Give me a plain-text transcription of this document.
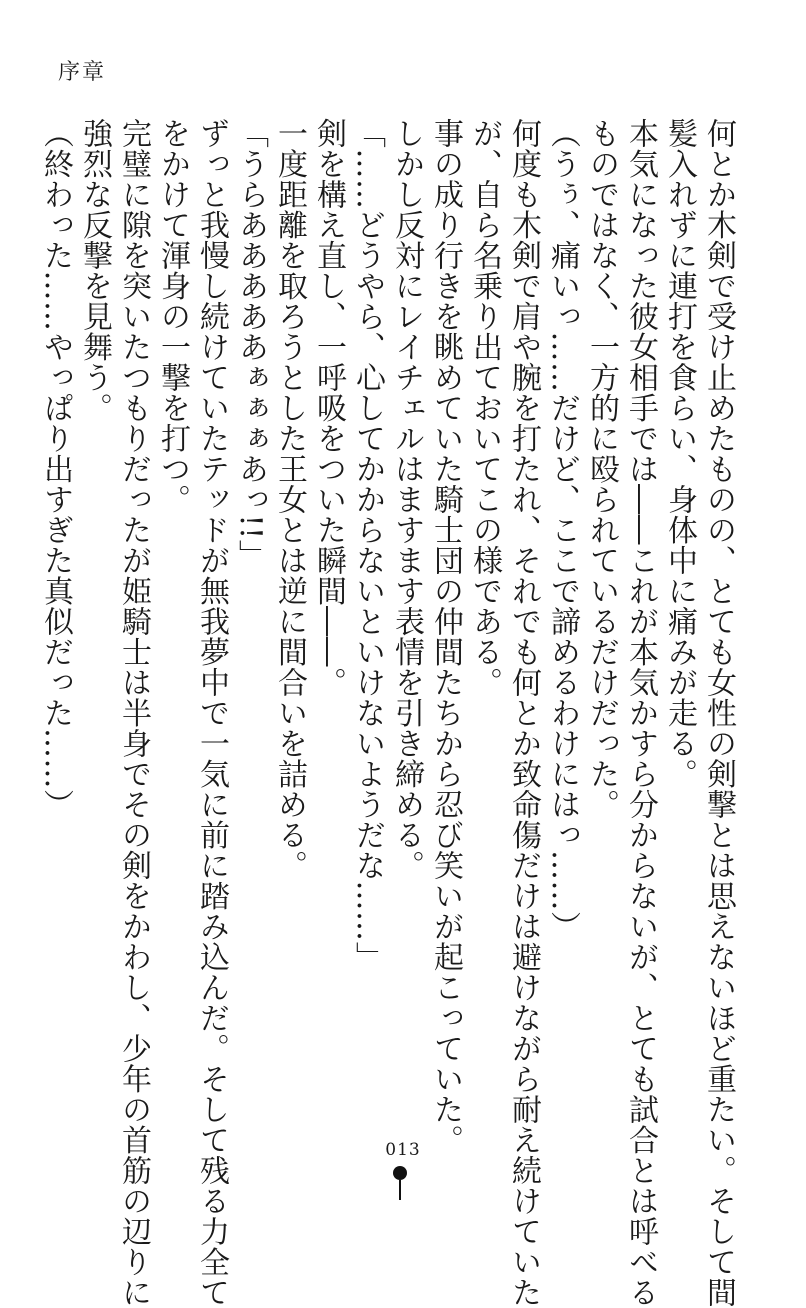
序章
何とか木剣で受け止めたものの、とても女性の剣撃とは思えないほど重たい。そして間
髪入れずに連打を食らい、身体中に痛みが走る。
本気になった彼女相手では――これが本気かすら分からないが、とても試合とは呼べる
ものではなく、一方的に殴られているだけだった。
（うぅ、痛いっ……だけど、ここで諦めるわけにはっ……）
何度も木剣で肩や腕を打たれ、それでも何とか致命傷だけは避けながら耐え続けていた
が、自ら名乗り出ておいてこの様である。
事の成り行きを眺めていた騎士団の仲間たちから忍び笑いが起こっていた。
しかし反対にレイチェルはますます表情を引き締める。
「……どうやら、心してかからないといけないようだな……」
剣を構え直し、一呼吸をついた瞬間――。
一度距離を取ろうとした王女とは逆に間合いを詰める。
「うらあああああぁぁぁあっ!!」
ずっと我慢し続けていたテッドが無我夢中で一気に前に踏み込んだ。そして残る力全て
をかけて渾身の一撃を打つ。
完璧に隙を突いたつもりだったが姫騎士は半身でその剣をかわし、少年の首筋の辺りに
強烈な反撃を見舞う。
（終わった……やっぱり出すぎた真似だった……）
013
